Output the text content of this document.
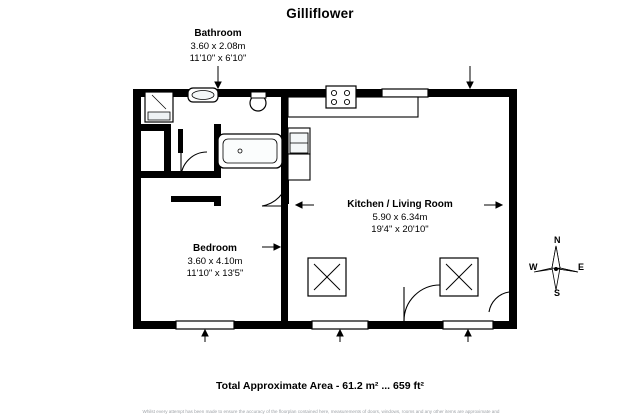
Gilliflower
Bathroom
3.60 x 2.08m
11'10" x 6'10"
Bedroom
3.60 x 4.10m
11'10" x 13'5"
Kitchen / Living Room
5.90 x 6.34m
19'4" x 20'10"
N
S
E
W
Total Approximate Area - 61.2 m² ... 659 ft²
Whilst every attempt has been made to ensure the accuracy of the floorplan contained here, measurements of doors, windows, rooms and any other items are approximate and
